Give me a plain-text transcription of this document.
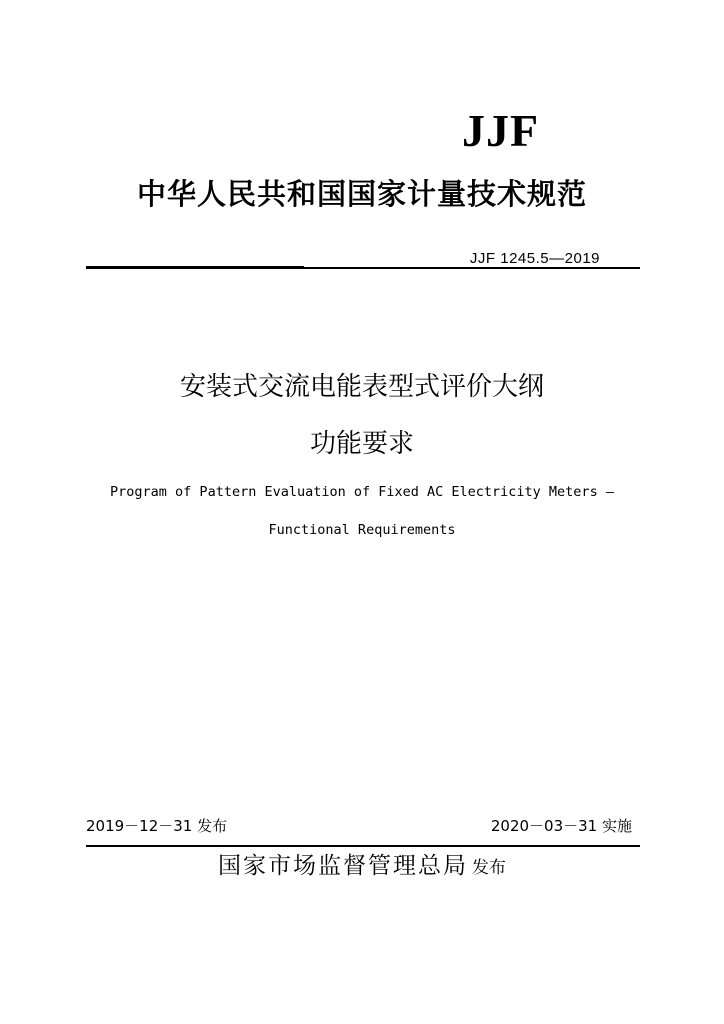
JJF
中华人民共和国国家计量技术规范
JJF 1245.5—2019
安装式交流电能表型式评价大纲
功能要求
Program of Pattern Evaluation of Fixed AC Electricity Meters —
Functional Requirements
2019－12－31 发布	2020－03－31 实施
国家市场监督管理总局 发布
